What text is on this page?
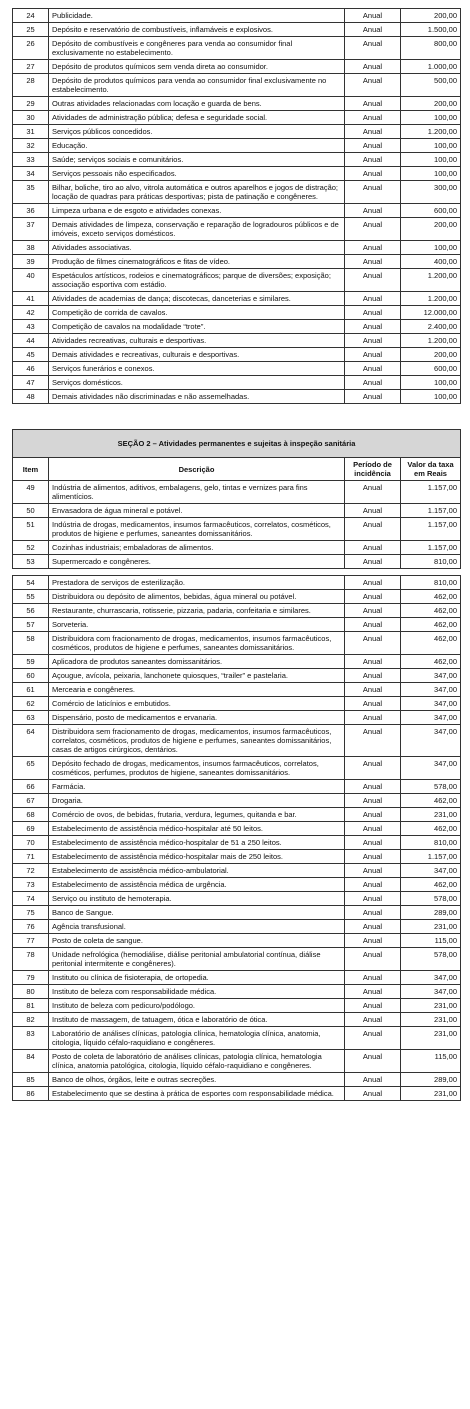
24	Publicidade.	Anual	200,00
25	Depósito e reservatório de combustíveis, inflamáveis e explosivos.	Anual	1.500,00
26	Depósito de combustíveis e congêneres para venda ao consumidor final exclusivamente no estabelecimento.	Anual	800,00
27	Depósito de produtos químicos sem venda direta ao consumidor.	Anual	1.000,00
28	Depósito de produtos químicos para venda ao consumidor final exclusivamente no estabelecimento.	Anual	500,00
29	Outras atividades relacionadas com locação e guarda de bens.	Anual	200,00
30	Atividades de administração pública; defesa e seguridade social.	Anual	100,00
31	Serviços públicos concedidos.	Anual	1.200,00
32	Educação.	Anual	100,00
33	Saúde; serviços sociais e comunitários.	Anual	100,00
34	Serviços pessoais não especificados.	Anual	100,00
35	Bilhar, boliche, tiro ao alvo, vitrola automática e outros aparelhos e jogos de distração; locação de quadras para práticas desportivas; pista de patinação e congêneres.	Anual	300,00
36	Limpeza urbana e de esgoto e atividades conexas.	Anual	600,00
37	Demais atividades de limpeza, conservação e reparação de logradouros públicos e de imóveis, exceto serviços domésticos.	Anual	200,00
38	Atividades associativas.	Anual	100,00
39	Produção de filmes cinematográficos e fitas de vídeo.	Anual	400,00
40	Espetáculos artísticos, rodeios e cinematográficos; parque de diversões; exposição; associação esportiva com estádio.	Anual	1.200,00
41	Atividades de academias de dança; discotecas, danceterias e similares.	Anual	1.200,00
42	Competição de corrida de cavalos.	Anual	12.000,00
43	Competição de cavalos na modalidade “trote”.	Anual	2.400,00
44	Atividades recreativas, culturais e desportivas.	Anual	1.200,00
45	Demais atividades e recreativas, culturais e desportivas.	Anual	200,00
46	Serviços funerários e conexos.	Anual	600,00
47	Serviços domésticos.	Anual	100,00
48	Demais atividades não discriminadas e não assemelhadas.	Anual	100,00
SEÇÃO 2 – Atividades permanentes e sujeitas à inspeção sanitária			
Item	Descrição	Período de incidência	Valor da taxa em Reais
49	Indústria de alimentos, aditivos, embalagens, gelo, tintas e vernizes para fins alimentícios.	Anual	1.157,00
50	Envasadora de água mineral e potável.	Anual	1.157,00
51	Indústria de drogas, medicamentos, insumos farmacêuticos, correlatos, cosméticos, produtos de higiene e perfumes, saneantes domissanitários.	Anual	1.157,00
52	Cozinhas industriais; embaladoras de alimentos.	Anual	1.157,00
53	Supermercado e congêneres.	Anual	810,00
54	Prestadora de serviços de esterilização.	Anual	810,00
55	Distribuidora ou depósito de alimentos, bebidas, água mineral ou potável.	Anual	462,00
56	Restaurante, churrascaria, rotisserie, pizzaria, padaria, confeitaria e similares.	Anual	462,00
57	Sorveteria.	Anual	462,00
58	Distribuidora com fracionamento de drogas, medicamentos, insumos farmacêuticos, cosméticos, produtos de higiene e perfumes, saneantes domissanitários.	Anual	462,00
59	Aplicadora de produtos saneantes domissanitários.	Anual	462,00
60	Açougue, avícola, peixaria, lanchonete quiosques, “trailer” e pastelaria.	Anual	347,00
61	Mercearia e congêneres.	Anual	347,00
62	Comércio de laticínios e embutidos.	Anual	347,00
63	Dispensário, posto de medicamentos e ervanaria.	Anual	347,00
64	Distribuidora sem fracionamento de drogas, medicamentos, insumos farmacêuticos, correlatos, cosméticos, produtos de higiene e perfumes, saneantes domissanitários, casas de artigos cirúrgicos, dentários.	Anual	347,00
65	Depósito fechado de drogas, medicamentos, insumos farmacêuticos, correlatos, cosméticos, perfumes, produtos de higiene, saneantes domissanitários.	Anual	347,00
66	Farmácia.	Anual	578,00
67	Drogaria.	Anual	462,00
68	Comércio de ovos, de bebidas, frutaria, verdura, legumes, quitanda e bar.	Anual	231,00
69	Estabelecimento de assistência médico-hospitalar até 50 leitos.	Anual	462,00
70	Estabelecimento de assistência médico-hospitalar de 51 a 250 leitos.	Anual	810,00
71	Estabelecimento de assistência médico-hospitalar mais de 250 leitos.	Anual	1.157,00
72	Estabelecimento de assistência médico-ambulatorial.	Anual	347,00
73	Estabelecimento de assistência médica de urgência.	Anual	462,00
74	Serviço ou instituto de hemoterapia.	Anual	578,00
75	Banco de Sangue.	Anual	289,00
76	Agência transfusional.	Anual	231,00
77	Posto de coleta de sangue.	Anual	115,00
78	Unidade nefrológica (hemodiálise, diálise peritonial ambulatorial contínua, diálise peritonial intermitente e congêneres).	Anual	578,00
79	Instituto ou clínica de fisioterapia, de ortopedia.	Anual	347,00
80	Instituto de beleza com responsabilidade médica.	Anual	347,00
81	Instituto de beleza com pedicuro/podólogo.	Anual	231,00
82	Instituto de massagem, de tatuagem, ótica e laboratório de ótica.	Anual	231,00
83	Laboratório de análises clínicas, patologia clínica, hematologia clínica, anatomia, citologia, líquido céfalo-raquidiano e congêneres.	Anual	231,00
84	Posto de coleta de laboratório de análises clínicas, patologia clínica, hematologia clínica, anatomia patológica, citologia, líquido céfalo-raquidiano e congêneres.	Anual	115,00
85	Banco de olhos, órgãos, leite e outras secreções.	Anual	289,00
86	Estabelecimento que se destina à prática de esportes com responsabilidade médica.	Anual	231,00
